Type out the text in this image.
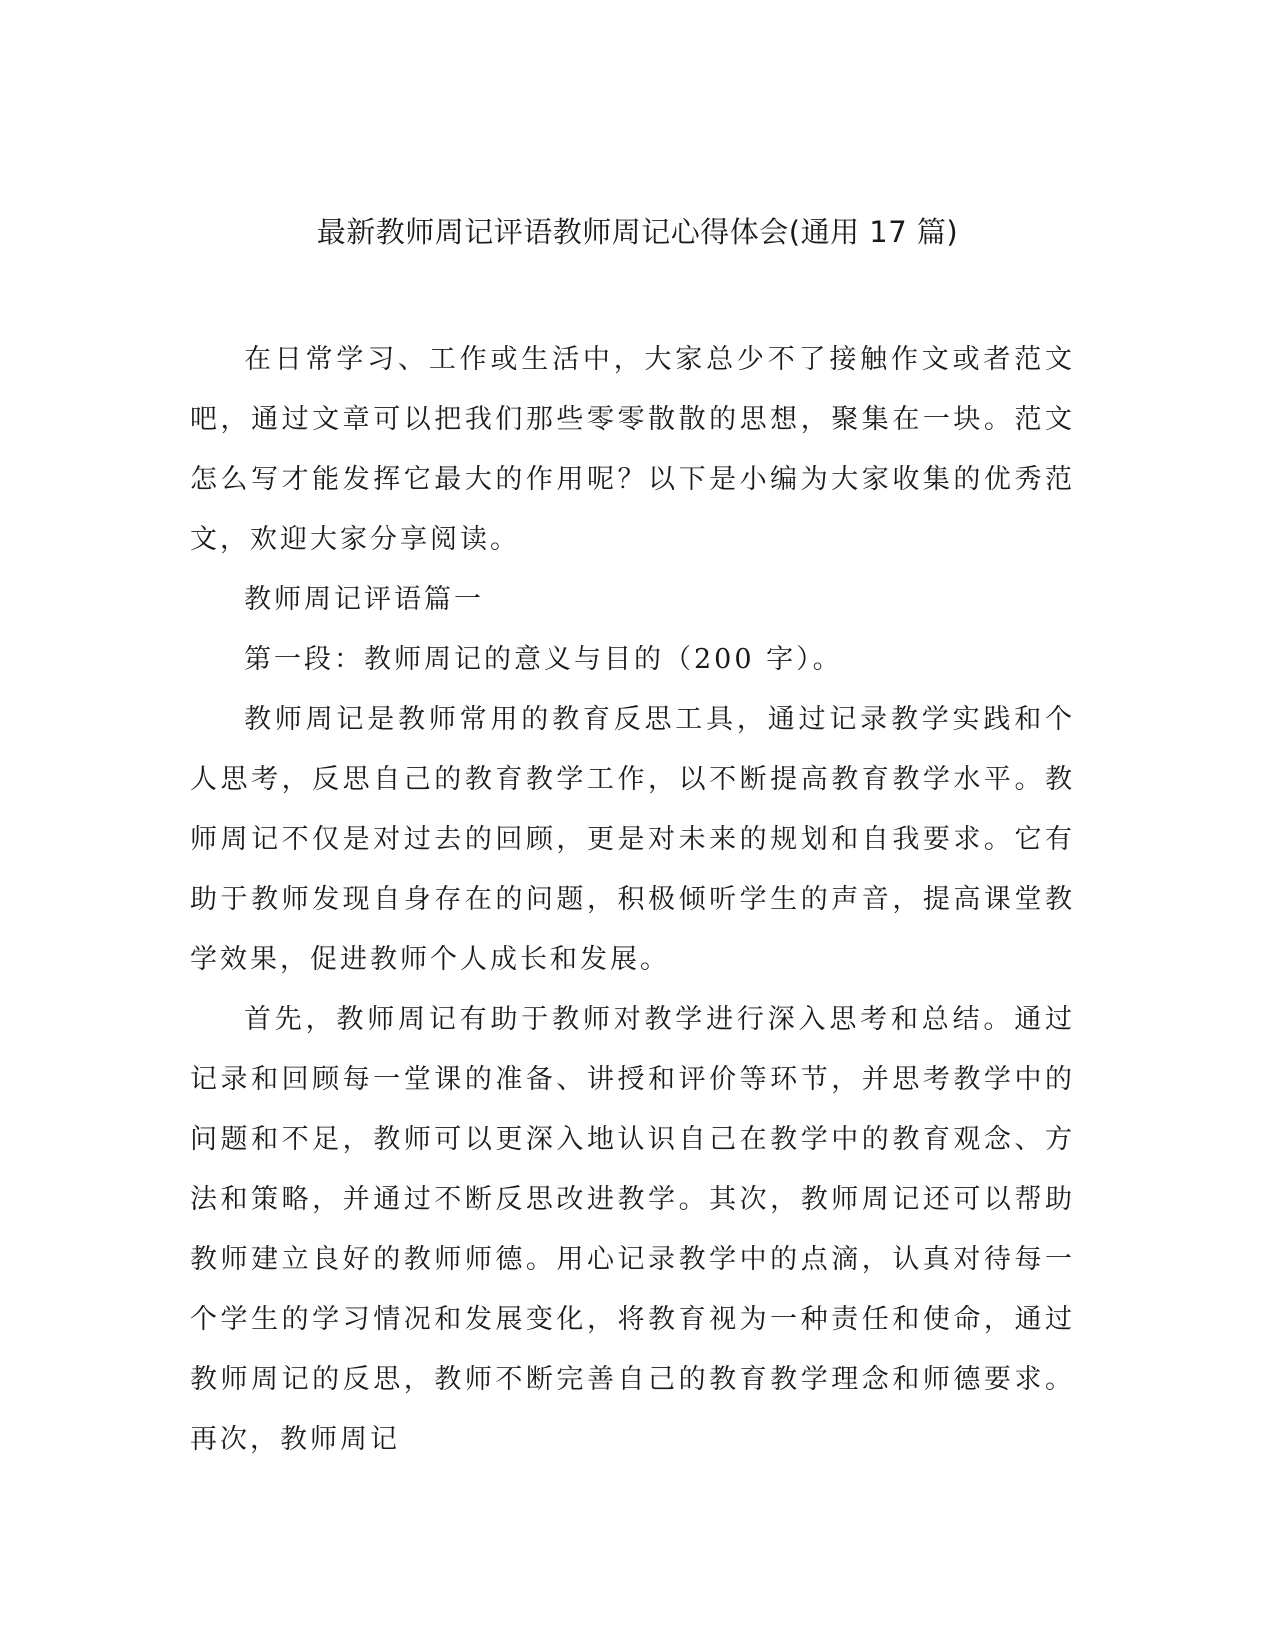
最新教师周记评语教师周记心得体会(通用 17 篇)

在日常学习、工作或生活中，大家总少不了接触作文或者范文吧，通过文章可以把我们那些零零散散的思想，聚集在一块。范文怎么写才能发挥它最大的作用呢？以下是小编为大家收集的优秀范文，欢迎大家分享阅读。

教师周记评语篇一

第一段：教师周记的意义与目的（200 字）。

教师周记是教师常用的教育反思工具，通过记录教学实践和个人思考，反思自己的教育教学工作，以不断提高教育教学水平。教师周记不仅是对过去的回顾，更是对未来的规划和自我要求。它有助于教师发现自身存在的问题，积极倾听学生的声音，提高课堂教学效果，促进教师个人成长和发展。

首先，教师周记有助于教师对教学进行深入思考和总结。通过记录和回顾每一堂课的准备、讲授和评价等环节，并思考教学中的问题和不足，教师可以更深入地认识自己在教学中的教育观念、方法和策略，并通过不断反思改进教学。其次，教师周记还可以帮助教师建立良好的教师师德。用心记录教学中的点滴，认真对待每一个学生的学习情况和发展变化，将教育视为一种责任和使命，通过教师周记的反思，教师不断完善自己的教育教学理念和师德要求。再次，教师周记
